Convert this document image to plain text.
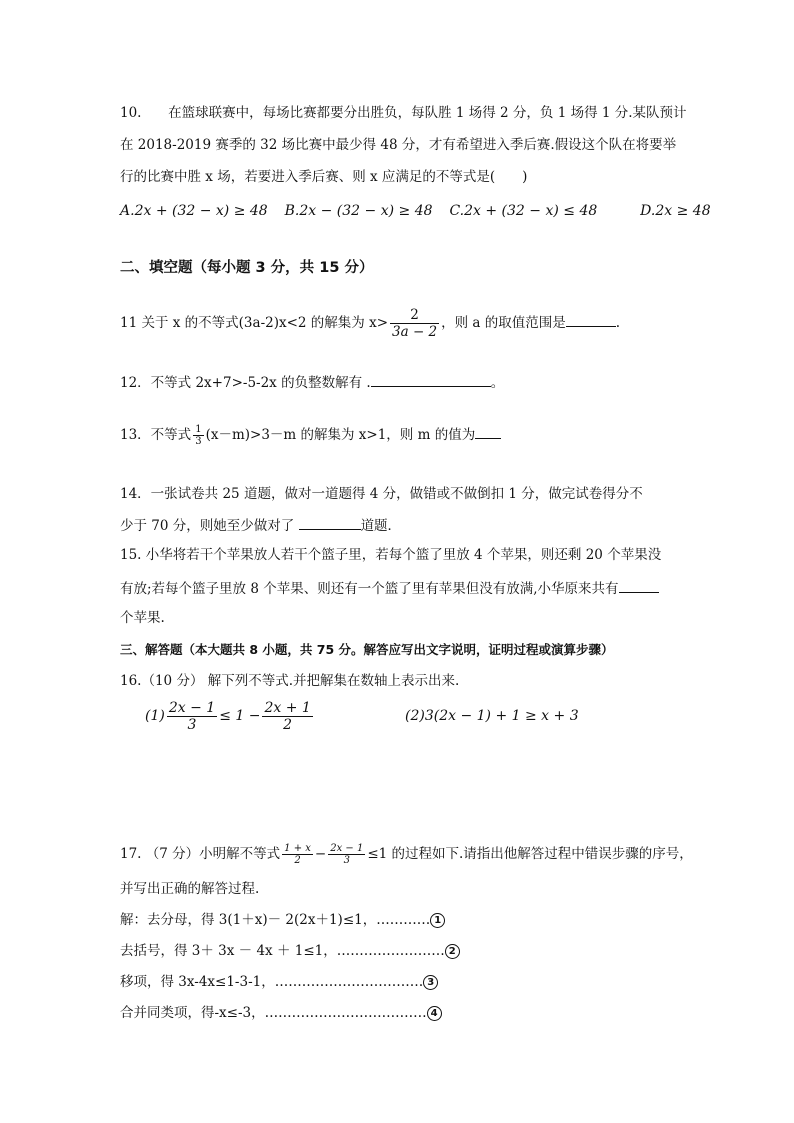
10. 在篮球联赛中，每场比赛都要分出胜负，每队胜 1 场得 2 分，负 1 场得 1 分.某队预计
在 2018-2019 赛季的 32 场比赛中最少得 48 分，才有希望进入季后赛.假设这个队在将要举
行的比赛中胜 x 场，若要进入季后赛、则 x 应满足的不等式是(　　)
A.2x + (32 − x) ≥ 48 B.2x − (32 − x) ≥ 48 C.2x + (32 − x) ≤ 48	D.2x ≥ 48
二、填空题（每小题 3 分，共 15 分）
11 关于 x 的不等式(3a-2)x<2 的解集为 $x> \frac{2}{3a - 2}$ ，则 a 的取值范围是	.
12．不等式 2x+7>-5-2x 的负整数解有 .	。
13．不等式 $\frac{1}{3} (x-m)>3-m$ 的解集为 x>1，则 m 的值为
14．一张试卷共 25 道题，做对一道题得 4 分，做错或不做倒扣 1 分，做完试卷得分不
少于 70 分，则她至少做对了	道题．
15. 小华将若干个苹果放人若干个篮子里，若每个篮了里放 4 个苹果，则还剩 20 个苹果没
有放;若每个篮子里放 8 个苹果、则还有一个篮了里有苹果但没有放满,小华原来共有
个苹果.
三、解答题（本大题共 8 小题，共 75 分。解答应写出文字说明，证明过程或演算步骤）
16.（10 分） 解下列不等式.并把解集在数轴上表示出来.
$(1) \frac{2x - 1}{3} \le 1 - \frac{2x + 1}{2}$	(2)3(2x − 1) + 1 ≥ x + 3
17. （7 分）小明解不等式 $\frac{1 + x}{2} - \frac{2x - 1}{3} \le 1$ 的过程如下.请指出他解答过程中错误步骤的序号，
并写出正确的解答过程.
解：去分母，得 3(1＋x)－ 2(2x＋1)≤1，………… 1
去括号，得 3＋ 3x － 4x ＋ 1≤1，…………………… 2
移项，得 3x-4x≤1-3-1，…………………………… 3
合并同类项，得-x≤-3，……………………………… 4
